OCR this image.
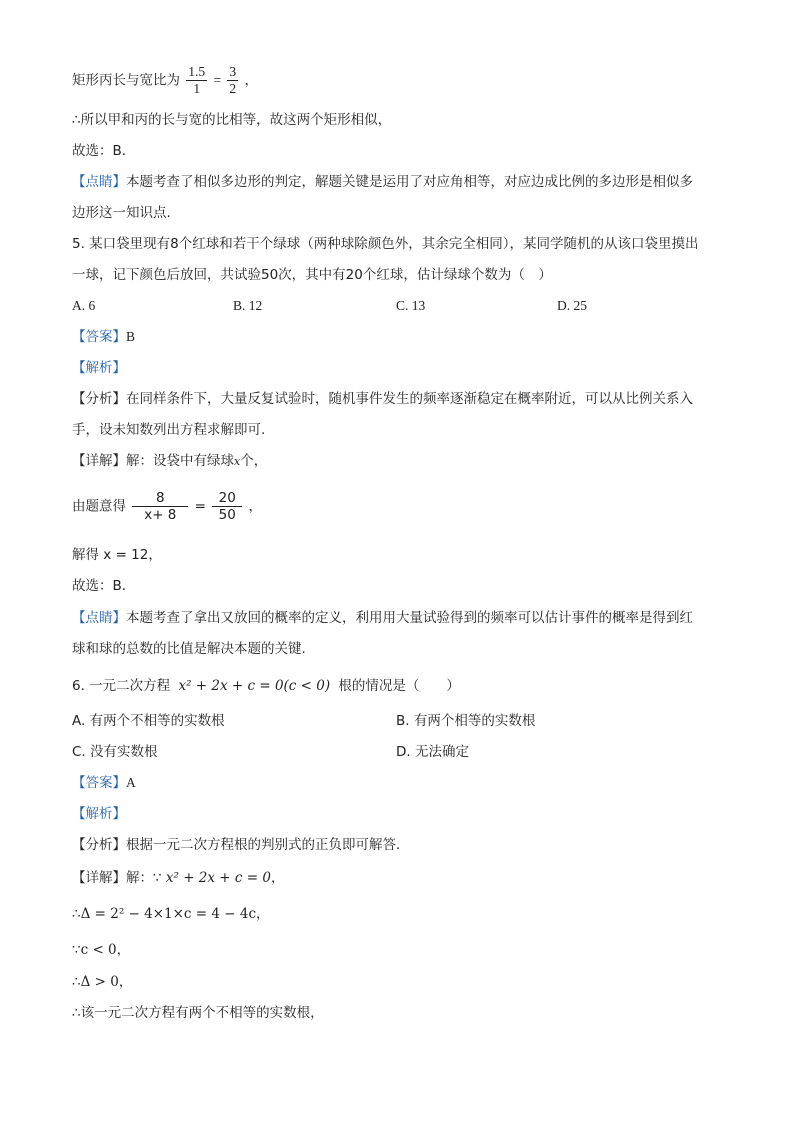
矩形丙长与宽比为 $\frac{1.5}{1} = \frac{3}{2}$ ，
∴所以甲和丙的长与宽的比相等，故这两个矩形相似，
故选：B．
【点睛】本题考查了相似多边形的判定，解题关键是运用了对应角相等，对应边成比例的多边形是相似多
边形这一知识点．
5. 某口袋里现有8个红球和若干个绿球（两种球除颜色外，其余完全相同），某同学随机的从该口袋里摸出
一球，记下颜色后放回，共试验50次，其中有20个红球，估计绿球个数为（　）
A. 6	B. 12	C. 13	D. 25
【答案】B
【解析】
【分析】在同样条件下，大量反复试验时，随机事件发生的频率逐渐稳定在概率附近，可以从比例关系入
手，设未知数列出方程求解即可.
【详解】解：设袋中有绿球x个，
由题意得 $\frac{8}{x+ 8} = \frac{20}{50}$ ，
解得 x = 12，
故选：B．
【点睛】本题考查了拿出又放回的概率的定义，利用用大量试验得到的频率可以估计事件的概率是得到红
球和球的总数的比值是解决本题的关键.
6. 一元二次方程 x² + 2x + c = 0(c < 0) 根的情况是（　　）
A. 有两个不相等的实数根	B. 有两个相等的实数根
C. 没有实数根	D. 无法确定
【答案】A
【解析】
【分析】根据一元二次方程根的判别式的正负即可解答．
【详解】解：∵ x² + 2x + c = 0，
∴Δ = 2² − 4×1×c = 4 − 4c，
∵c < 0，
∴Δ > 0，
∴该一元二次方程有两个不相等的实数根，
